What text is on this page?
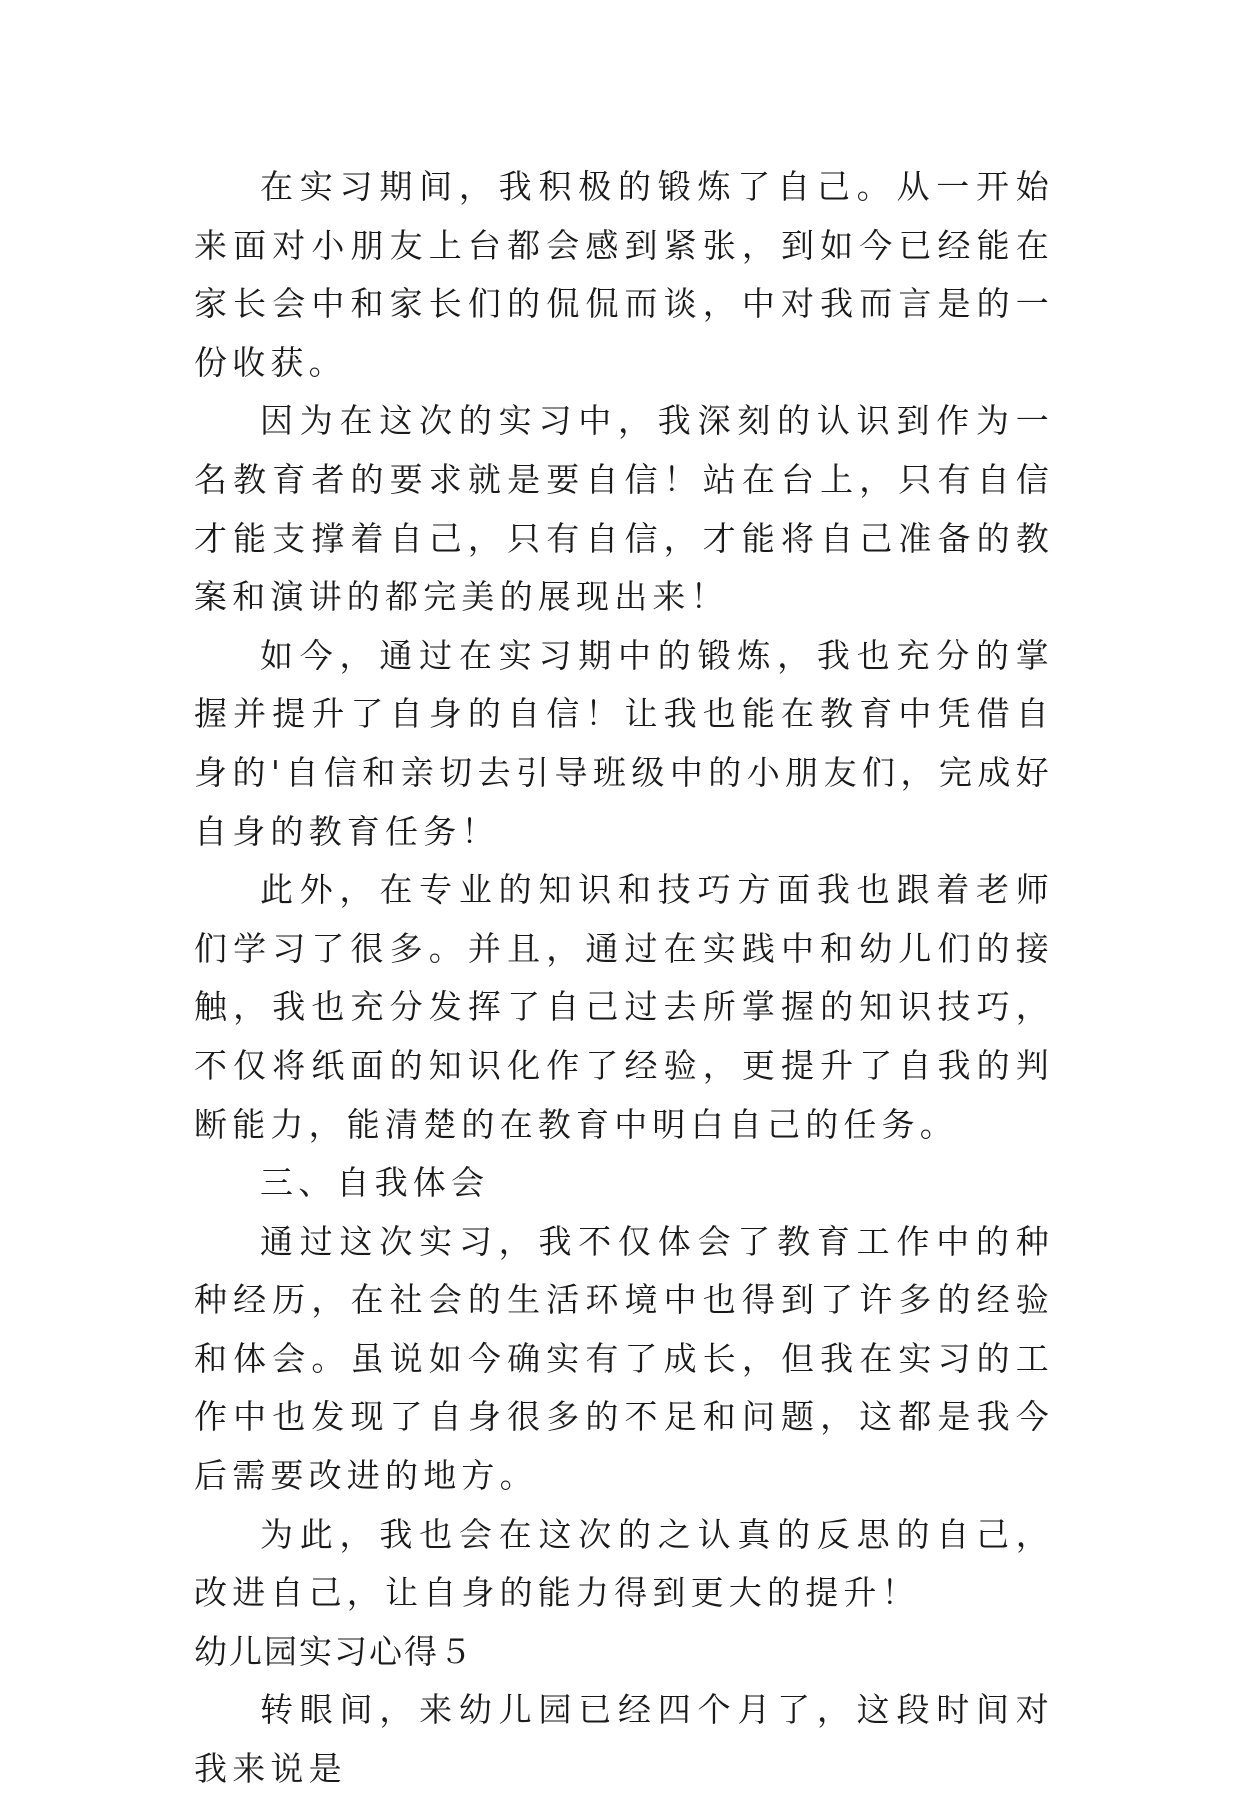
在实习期间，我积极的锻炼了自己。从一开始来面对小朋友上台都会感到紧张，到如今已经能在家长会中和家长们的侃侃而谈，中对我而言是的一份收获。

因为在这次的实习中，我深刻的认识到作为一名教育者的要求就是要自信！站在台上，只有自信才能支撑着自己，只有自信，才能将自己准备的教案和演讲的都完美的展现出来！

如今，通过在实习期中的锻炼，我也充分的掌握并提升了自身的自信！让我也能在教育中凭借自身的'自信和亲切去引导班级中的小朋友们，完成好自身的教育任务！

此外，在专业的知识和技巧方面我也跟着老师们学习了很多。并且，通过在实践中和幼儿们的接触，我也充分发挥了自己过去所掌握的知识技巧，不仅将纸面的知识化作了经验，更提升了自我的判断能力，能清楚的在教育中明白自己的任务。

三、自我体会

通过这次实习，我不仅体会了教育工作中的种种经历，在社会的生活环境中也得到了许多的经验和体会。虽说如今确实有了成长，但我在实习的工作中也发现了自身很多的不足和问题，这都是我今后需要改进的地方。

为此，我也会在这次的之认真的反思的自己，改进自己，让自身的能力得到更大的提升！

幼儿园实习心得５

转眼间，来幼儿园已经四个月了，这段时间对我来说是
